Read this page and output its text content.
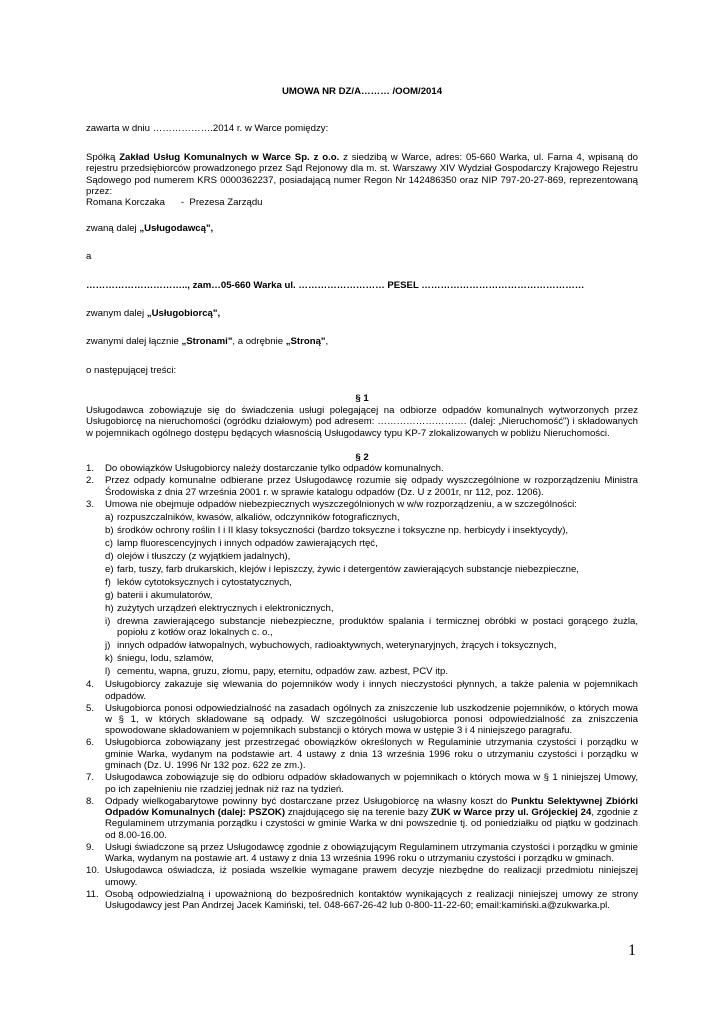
UMOWA NR DZ/A……… /OOM/2014

zawarta w dniu ……………….2014 r. w Warce pomiędzy:

Spółką Zakład Usług Komunalnych w Warce Sp. z o.o. z siedzibą w Warce, adres: 05-660 Warka, ul. Farna 4, wpisaną do rejestru przedsiębiorców prowadzonego przez Sąd Rejonowy dla m. st. Warszawy XIV Wydział Gospodarczy Krajowego Rejestru Sądowego pod numerem KRS 0000362237, posiadającą numer Regon Nr 142486350 oraz NIP 797-20-27-869, reprezentowaną przez:

Romana Korczaka      -  Prezesa Zarządu

zwaną dalej „Usługodawcą",

a

………………………….., zam…05-660 Warka ul. ……………………… PESEL ……………………………………………

zwanym dalej „Usługobiorcą",

zwanymi dalej łącznie „Stronami", a odrębnie „Stroną",

o następującej treści:

§ 1

Usługodawca zobowiązuje się do świadczenia usługi polegającej na odbiorze odpadów komunalnych wytworzonych przez Usługobiorcę na nieruchomości (ogródku działowym) pod adresem: ………………………. (dalej: „Nieruchomość") i składowanych w pojemnikach ogólnego dostępu będących własnością Usługodawcy typu KP-7 zlokalizowanych w pobliżu Nieruchomości.

§ 2

1. Do obowiązków Usługobiorcy należy dostarczanie tylko odpadów komunalnych.
2. Przez odpady komunalne odbierane przez Usługodawcę rozumie się odpady wyszczególnione w rozporządzeniu Ministra Środowiska z dnia 27 września 2001 r. w sprawie katalogu odpadów (Dz. U z 2001r, nr 112, poz. 1206).
3. Umowa nie obejmuje odpadów niebezpiecznych wyszczególnionych w w/w rozporządzeniu, a w szczególności:
a) rozpuszczalników, kwasów, alkaliów, odczynników fotograficznych,
b) środków ochrony roślin I i II klasy toksyczności (bardzo toksyczne i toksyczne np. herbicydy i insektycydy),
c) lamp fluorescencyjnych i innych odpadów zawierających rtęć,
d) olejów i tłuszczy (z wyjątkiem jadalnych),
e) farb, tuszy, farb drukarskich, klejów i lepiszczy, żywic i detergentów zawierających substancje niebezpieczne,
f) leków cytotoksycznych i cytostatycznych,
g) baterii i akumulatorów,
h) zużytych urządzeń elektrycznych i elektronicznych,
i) drewna zawierającego substancje niebezpieczne, produktów spalania i termicznej obróbki w postaci gorącego żużla, popiołu z kotłów oraz lokalnych c. o.,
j) innych odpadów łatwopalnych, wybuchowych, radioaktywnych, weterynaryjnych, żrących i toksycznych,
k) śniegu, lodu, szlamów,
l) cementu, wapna, gruzu, złomu, papy, eternitu, odpadów zaw. azbest, PCV itp.
4. Usługobiorcy zakazuje się wlewania do pojemników wody i innych nieczystości płynnych, a także palenia w pojemnikach odpadów.
5. Usługobiorca ponosi odpowiedzialność na zasadach ogólnych za zniszczenie lub uszkodzenie pojemników, o których mowa w § 1, w których składowane są odpady. W szczególności usługobiorca ponosi odpowiedzialność za zniszczenia spowodowane składowaniem w pojemnikach substancji o których mowa w ustępie 3 i 4 niniejszego paragrafu.
6. Usługobiorca zobowiązany jest przestrzegać obowiązków określonych w Regulaminie utrzymania czystości i porządku w gminie Warka, wydanym na podstawie art. 4 ustawy z dnia 13 września 1996 roku o utrzymaniu czystości i porządku w gminach (Dz. U. 1996 Nr 132 poz. 622 ze zm.).
7. Usługodawca zobowiązuje się do odbioru odpadów składowanych w pojemnikach o których mowa w § 1 niniejszej Umowy, po ich zapełnieniu nie rzadziej jednak niż raz na tydzień.
8. Odpady wielkogabarytowe powinny być dostarczane przez Usługobiorcę na własny koszt do Punktu Selektywnej Zbiórki Odpadów Komunalnych (dalej: PSZOK) znajdującego się na terenie bazy ZUK w Warce przy ul. Grójeckiej 24, zgodnie z Regulaminem utrzymania porządku i czystości w gminie Warka w dni powszednie tj. od poniedziałku od piątku w godzinach od 8.00-16.00.
9. Usługi świadczone są przez Usługodawcę zgodnie z obowiązującym Regulaminem utrzymania czystości i porządku w gminie Warka, wydanym na postawie art. 4 ustawy z dnia 13 września 1996 roku o utrzymaniu czystości i porządku w gminach.
10. Usługodawca oświadcza, iż posiada wszelkie wymagane prawem decyzje niezbędne do realizacji przedmiotu niniejszej umowy.
11. Osobą odpowiedzialną i upoważnioną do bezpośrednich kontaktów wynikających z realizacji niniejszej umowy ze strony Usługodawcy jest Pan Andrzej Jacek Kamiński, tel. 048-667-26-42 lub 0-800-11-22-60; email:kamiński.a@zukwarka.pl.
1
